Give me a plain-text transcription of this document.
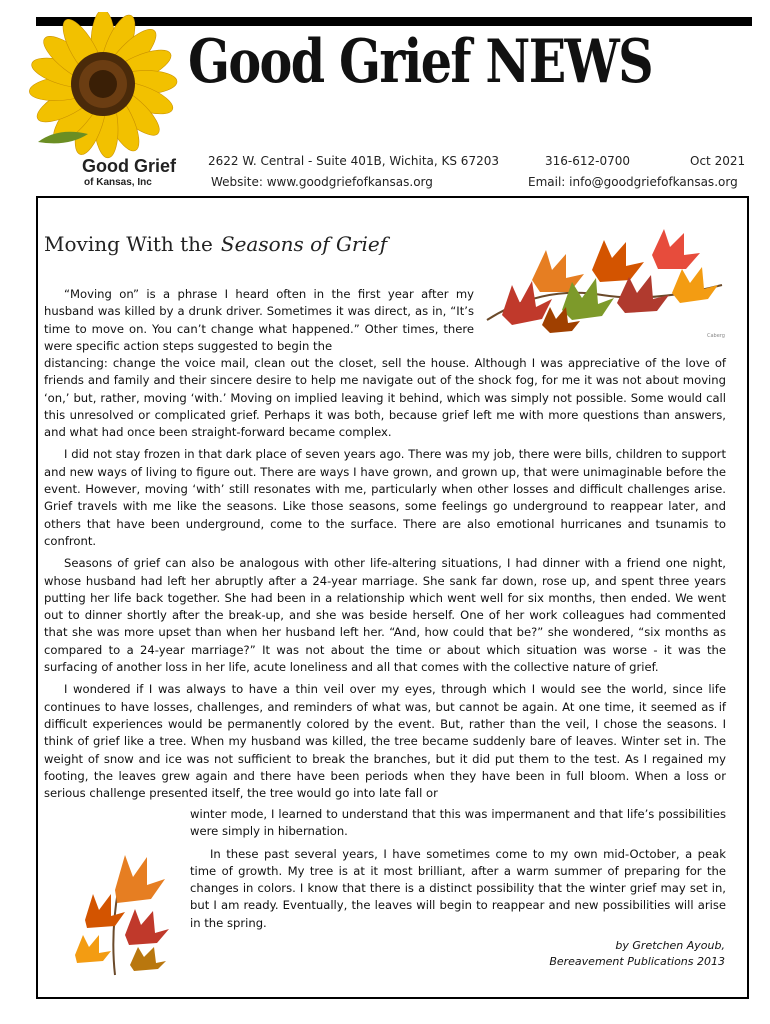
Good Grief NEWS
Good Grief
of Kansas, Inc
2622 W. Central - Suite 401B, Wichita, KS 67203	316-612-0700	Oct 2021
Website: www.goodgriefofkansas.org	Email: info@goodgriefofkansas.org
Moving With the Seasons of Grief
Caberg

“Moving on” is a phrase I heard often in the first year after my husband was killed by a drunk driver. Sometimes it was direct, as in, “It’s time to move on. You can’t change what happened.” Other times, there were specific action steps suggested to begin the

distancing: change the voice mail, clean out the closet, sell the house. Although I was appreciative of the love of friends and family and their sincere desire to help me navigate out of the shock fog, for me it was not about moving ‘on,’ but, rather, moving ‘with.’ Moving on implied leaving it behind, which was simply not possible. Some would call this unresolved or complicated grief. Perhaps it was both, because grief left me with more questions than answers, and what had once been straight-forward became complex.

I did not stay frozen in that dark place of seven years ago. There was my job, there were bills, children to support and new ways of living to figure out. There are ways I have grown, and grown up, that were unimaginable before the event. However, moving ‘with’ still resonates with me, particularly when other losses and difficult challenges arise. Grief travels with me like the seasons. Like those seasons, some feelings go underground to reappear later, and others that have been underground, come to the surface. There are also emotional hurricanes and tsunamis to confront.

Seasons of grief can also be analogous with other life-altering situations, I had dinner with a friend one night, whose husband had left her abruptly after a 24-year marriage. She sank far down, rose up, and spent three years putting her life back together. She had been in a relationship which went well for six months, then ended. We went out to dinner shortly after the break-up, and she was beside herself. One of her work colleagues had commented that she was more upset than when her husband left her. “And, how could that be?” she wondered, “six months as compared to a 24-year marriage?” It was not about the time or about which situation was worse - it was the surfacing of another loss in her life, acute loneliness and all that comes with the collective nature of grief.

I wondered if I was always to have a thin veil over my eyes, through which I would see the world, since life continues to have losses, challenges, and reminders of what was, but cannot be again. At one time, it seemed as if difficult experiences would be permanently colored by the event. But, rather than the veil, I chose the seasons. I think of grief like a tree. When my husband was killed, the tree became suddenly bare of leaves. Winter set in. The weight of snow and ice was not sufficient to break the branches, but it did put them to the test. As I regained my footing, the leaves grew again and there have been periods when they have been in full bloom. When a loss or serious challenge presented itself, the tree would go into late fall or

winter mode, I learned to understand that this was impermanent and that life’s possibilities were simply in hibernation.

In these past several years, I have sometimes come to my own mid-October, a peak time of growth. My tree is at it most brilliant, after a warm summer of preparing for the changes in colors. I know that there is a distinct possibility that the winter grief may set in, but I am ready. Eventually, the leaves will begin to reappear and new possibilities will arise in the spring.

by Gretchen Ayoub,
Bereavement Publications 2013
